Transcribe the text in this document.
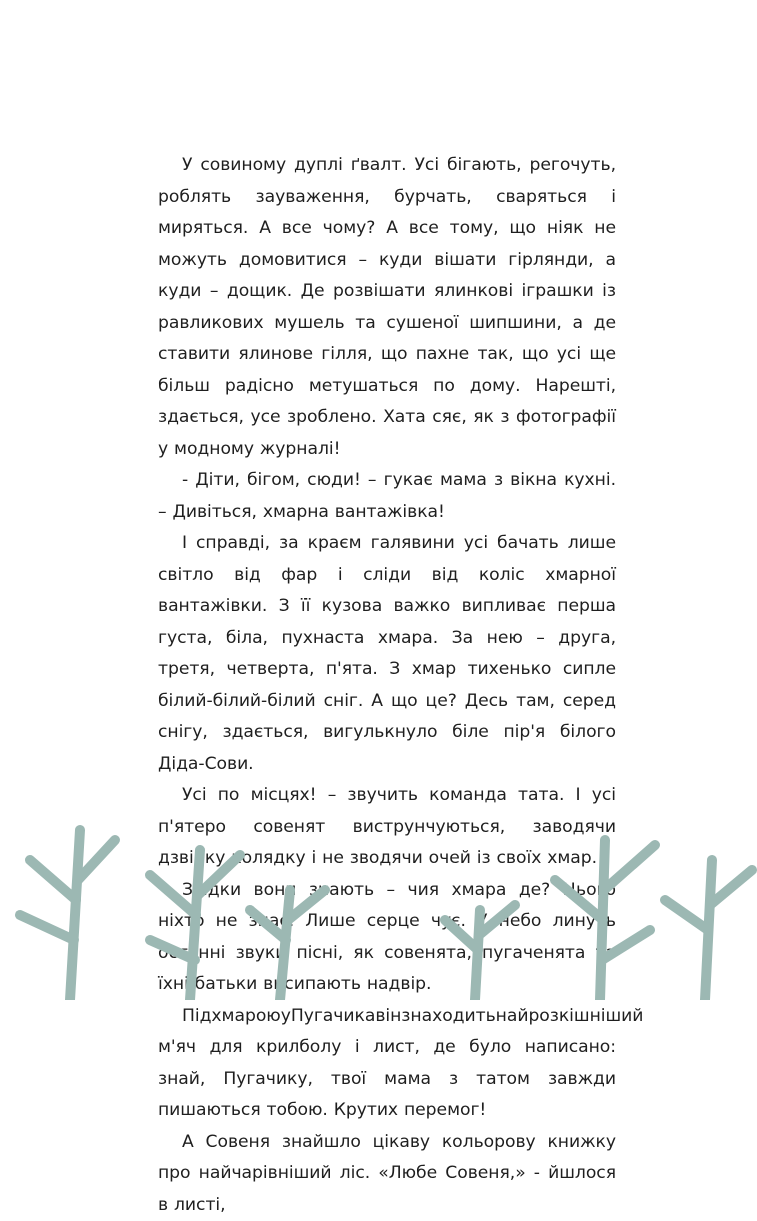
У совиному дуплі ґвалт. Усі бігають, регочуть, роблять зауваження, бурчать, сваряться і миряться. А все чому? А все тому, що ніяк не можуть домовитися – куди вішати гірлянди, а куди – дощик. Де розвішати ялинкові іграшки із равликових мушель та сушеної шипшини, а де ставити ялинове гілля, що пахне так, що усі ще більш радісно метушаться по дому. Нарешті, здається, усе зроблено. Хата сяє, як з фотографії у модному журналі!

- Діти, бігом, сюди! – гукає мама з вікна кухні. – Дивіться, хмарна вантажівка!

І справді, за краєм галявини усі бачать лише світло від фар і сліди від коліс хмарної вантажівки. З її кузова важко випливає перша густа, біла, пухнаста хмара. За нею – друга, третя, четверта, п'ята. З хмар тихенько сипле білий-білий-білий сніг. А що це? Десь там, серед снігу, здається, вигулькнуло біле пір'я білого Діда-Сови.

Усі по місцях! – звучить команда тата. І усі п'ятеро совенят виструнчуються, заводячи дзвінку колядку і не зводячи очей із своїх хмар.

Звідки вони знають – чия хмара де? Цього ніхто не знає. Лише серце чує. У небо линуть останні звуки пісні, як совенята, пугаченята та їхні батьки висипають надвір.

ПідхмароюуПугачикавінзнаходитьнайрозкішніший м'яч для крилболу і лист, де було написано: знай, Пугачику, твої мама з татом завжди пишаються тобою. Крутих перемог!

А Совеня знайшло цікаву кольорову книжку про найчарівніший ліс. «Любе Совеня,» - йшлося в листі,
